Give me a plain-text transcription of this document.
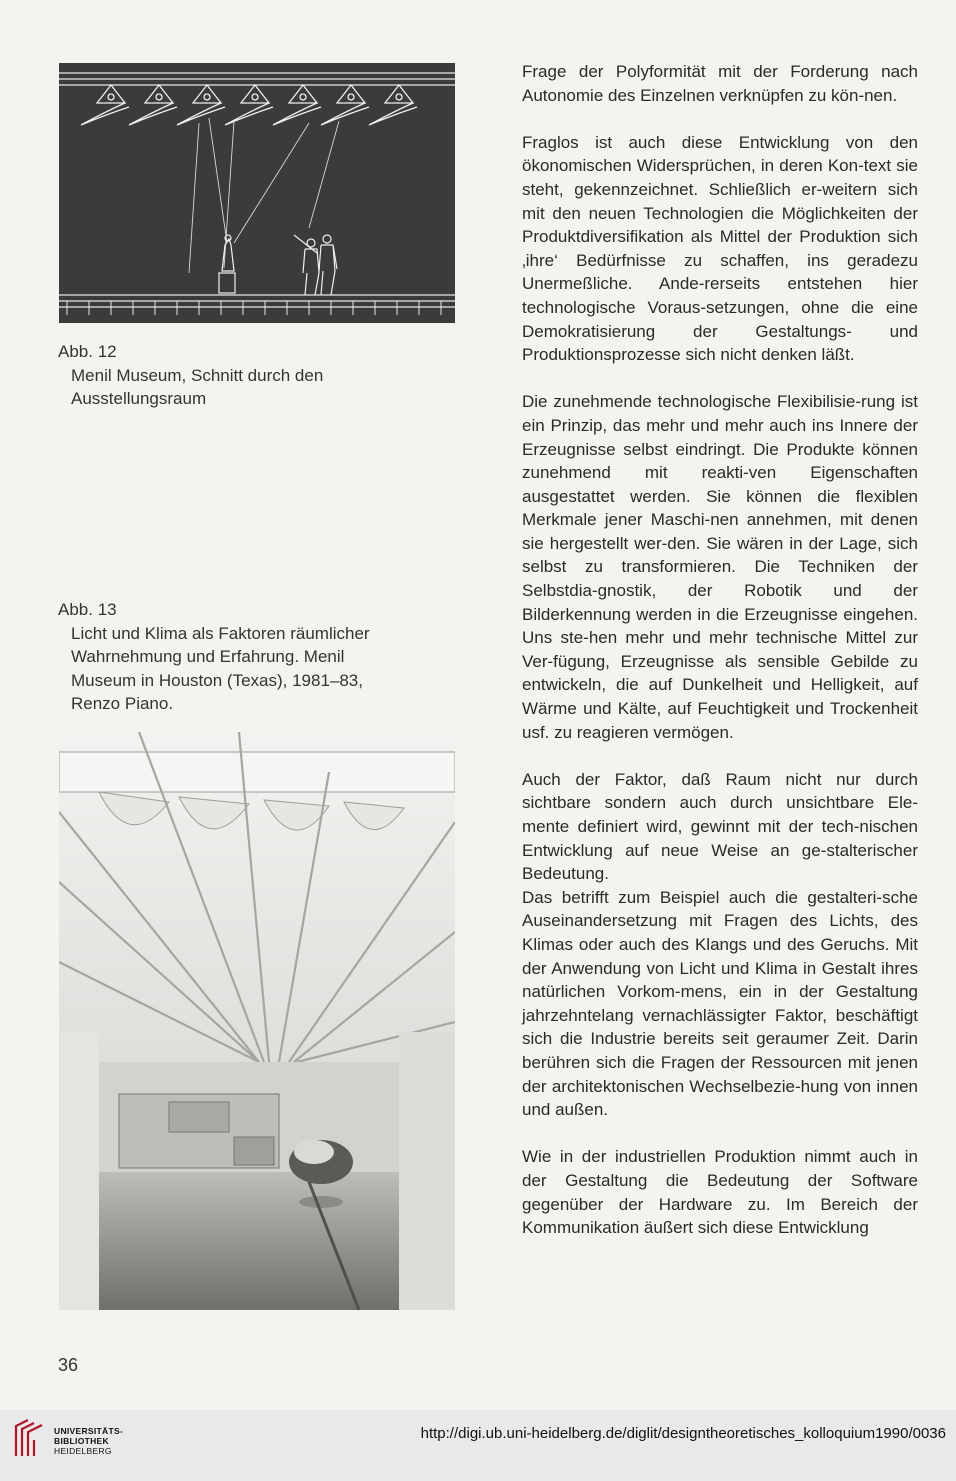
Abb. 12
Menil Museum, Schnitt durch den
Ausstellungsraum
Abb. 13
Licht und Klima als Faktoren räumlicher
Wahrnehmung und Erfahrung. Menil
Museum in Houston (Texas), 1981–83,
Renzo Piano.

Frage der Polyformität mit der Forderung nach Autonomie des Einzelnen verknüpfen zu kön-nen.

Fraglos ist auch diese Entwicklung von den ökonomischen Widersprüchen, in deren Kon-text sie steht, gekennzeichnet. Schließlich er-weitern sich mit den neuen Technologien die Möglichkeiten der Produktdiversifikation als Mittel der Produktion sich ‚ihre‘ Bedürfnisse zu schaffen, ins geradezu Unermeßliche. Ande-rerseits entstehen hier technologische Voraus-setzungen, ohne die eine Demokratisierung der Gestaltungs- und Produktionsprozesse sich nicht denken läßt.

Die zunehmende technologische Flexibilisie-rung ist ein Prinzip, das mehr und mehr auch ins Innere der Erzeugnisse selbst eindringt. Die Produkte können zunehmend mit reakti-ven Eigenschaften ausgestattet werden. Sie können die flexiblen Merkmale jener Maschi-nen annehmen, mit denen sie hergestellt wer-den. Sie wären in der Lage, sich selbst zu transformieren. Die Techniken der Selbstdia-gnostik, der Robotik und der Bilderkennung werden in die Erzeugnisse eingehen. Uns ste-hen mehr und mehr technische Mittel zur Ver-fügung, Erzeugnisse als sensible Gebilde zu entwickeln, die auf Dunkelheit und Helligkeit, auf Wärme und Kälte, auf Feuchtigkeit und Trockenheit usf. zu reagieren vermögen.

Auch der Faktor, daß Raum nicht nur durch sichtbare sondern auch durch unsichtbare Ele-mente definiert wird, gewinnt mit der tech-nischen Entwicklung auf neue Weise an ge-stalterischer Bedeutung.

Das betrifft zum Beispiel auch die gestalteri-sche Auseinandersetzung mit Fragen des Lichts, des Klimas oder auch des Klangs und des Geruchs. Mit der Anwendung von Licht und Klima in Gestalt ihres natürlichen Vorkom-mens, ein in der Gestaltung jahrzehntelang vernachlässigter Faktor, beschäftigt sich die Industrie bereits seit geraumer Zeit. Darin berühren sich die Fragen der Ressourcen mit jenen der architektonischen Wechselbezie-hung von innen und außen.

Wie in der industriellen Produktion nimmt auch in der Gestaltung die Bedeutung der Software gegenüber der Hardware zu. Im Bereich der Kommunikation äußert sich diese Entwicklung

36
UNIVERSITÄTS-
BIBLIOTHEK
HEIDELBERG
http://digi.ub.uni-heidelberg.de/diglit/designtheoretisches_kolloquium1990/0036
